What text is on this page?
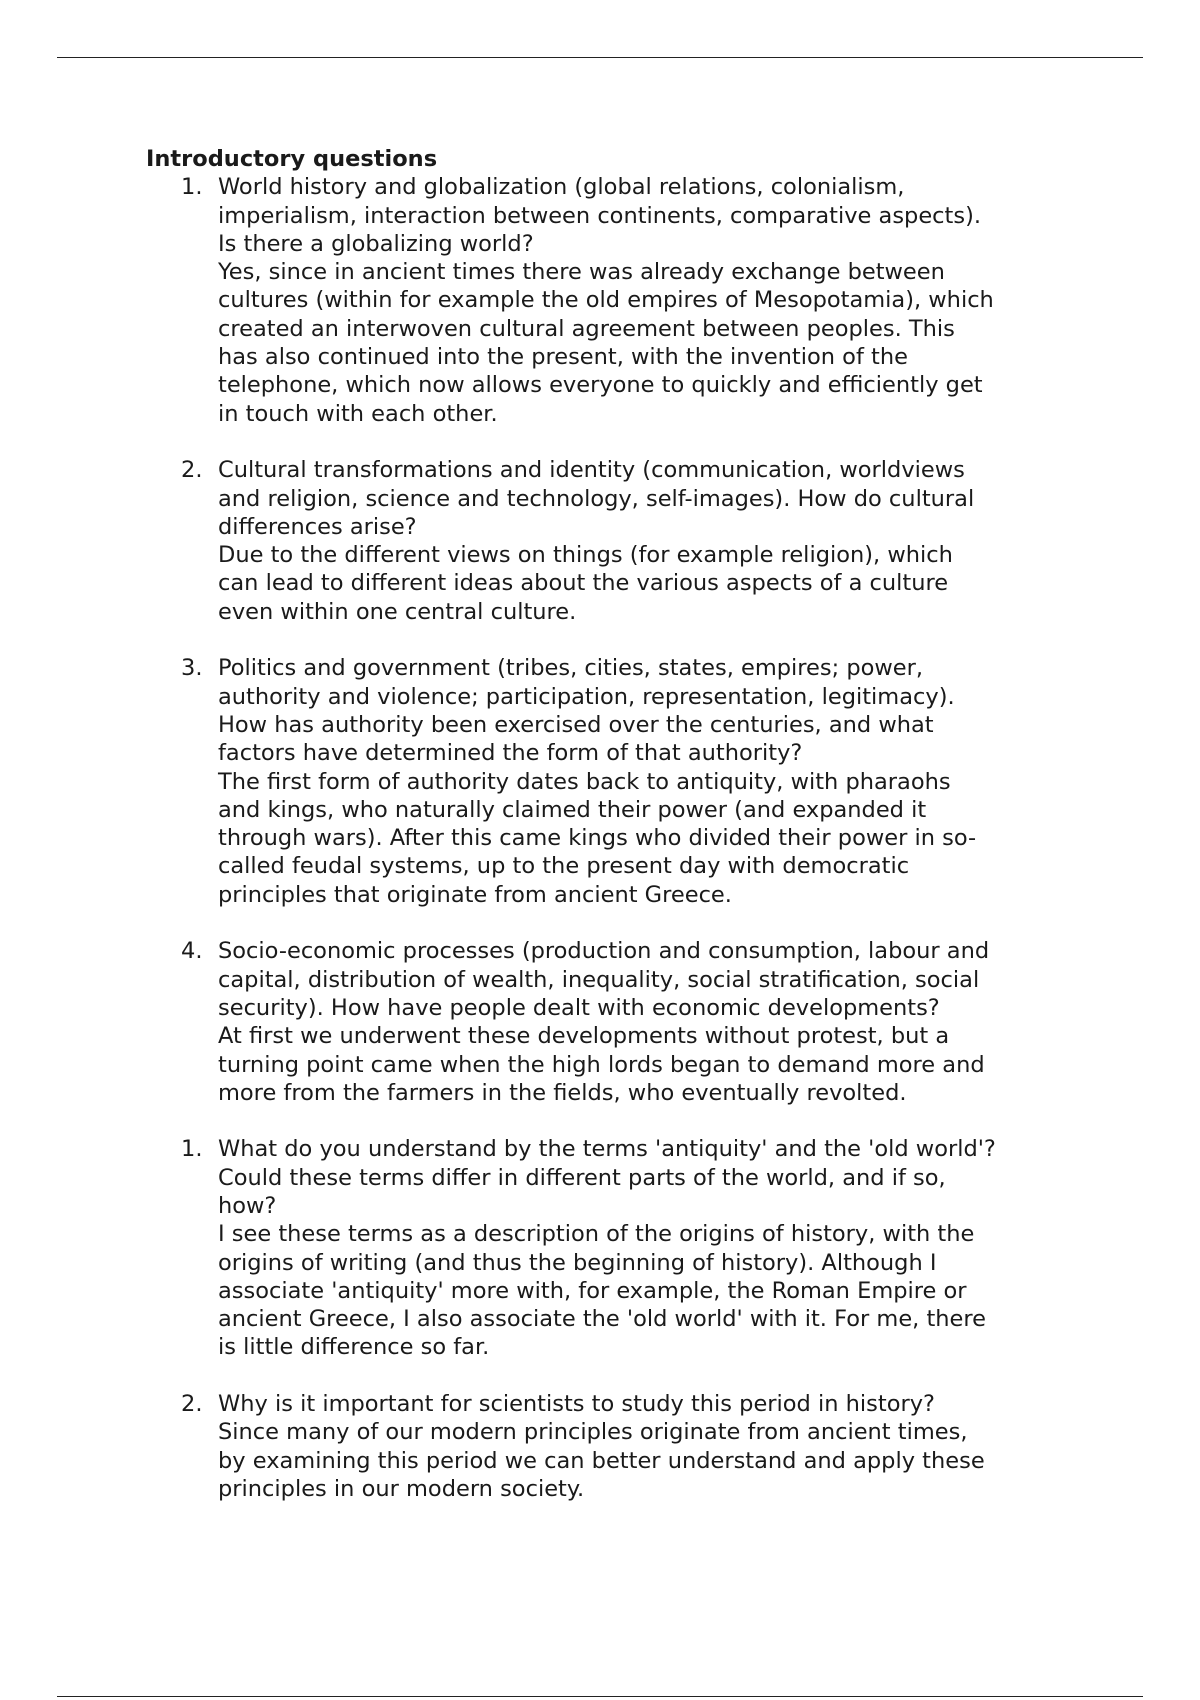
Introductory questions

1. World history and globalization (global relations, colonialism,
imperialism, interaction between continents, comparative aspects).
Is there a globalizing world?
Yes, since in ancient times there was already exchange between
cultures (within for example the old empires of Mesopotamia), which
created an interwoven cultural agreement between peoples. This
has also continued into the present, with the invention of the
telephone, which now allows everyone to quickly and efficiently get
in touch with each other.
2. Cultural transformations and identity (communication, worldviews
and religion, science and technology, self-images). How do cultural
differences arise?
Due to the different views on things (for example religion), which
can lead to different ideas about the various aspects of a culture
even within one central culture.
3. Politics and government (tribes, cities, states, empires; power,
authority and violence; participation, representation, legitimacy).
How has authority been exercised over the centuries, and what
factors have determined the form of that authority?
The first form of authority dates back to antiquity, with pharaohs
and kings, who naturally claimed their power (and expanded it
through wars). After this came kings who divided their power in so-
called feudal systems, up to the present day with democratic
principles that originate from ancient Greece.
4. Socio-economic processes (production and consumption, labour and
capital, distribution of wealth, inequality, social stratification, social
security). How have people dealt with economic developments?
At first we underwent these developments without protest, but a
turning point came when the high lords began to demand more and
more from the farmers in the fields, who eventually revolted.
1. What do you understand by the terms 'antiquity' and the 'old world'?
Could these terms differ in different parts of the world, and if so,
how?
I see these terms as a description of the origins of history, with the
origins of writing (and thus the beginning of history). Although I
associate 'antiquity' more with, for example, the Roman Empire or
ancient Greece, I also associate the 'old world' with it. For me, there
is little difference so far.
2. Why is it important for scientists to study this period in history?
Since many of our modern principles originate from ancient times,
by examining this period we can better understand and apply these
principles in our modern society.
